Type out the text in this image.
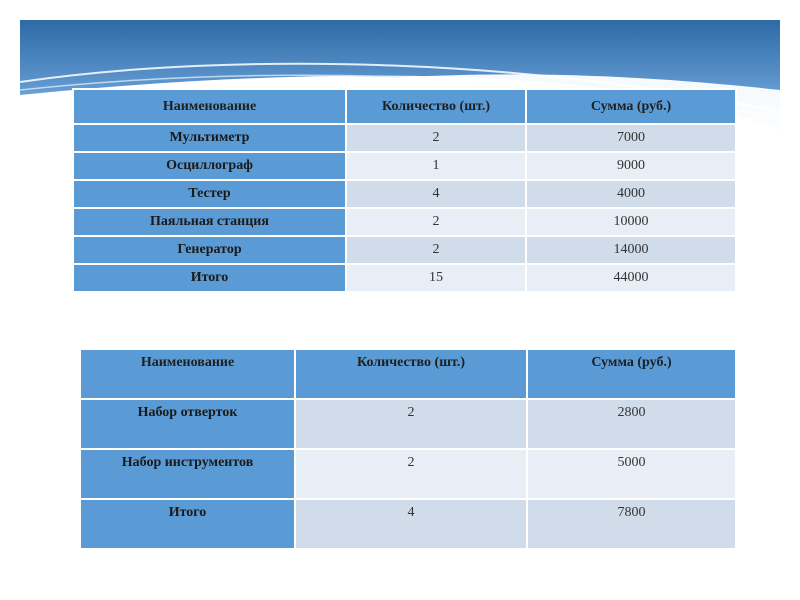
Наименование	Количество (шт.)	Сумма (руб.)
Мультиметр	2	7000
Осциллограф	1	9000
Тестер	4	4000
Паяльная станция	2	10000
Генератор	2	14000
Итого	15	44000
Наименование	Количество (шт.)	Сумма (руб.)
Набор отверток	2	2800
Набор инструментов	2	5000
Итого	4	7800
